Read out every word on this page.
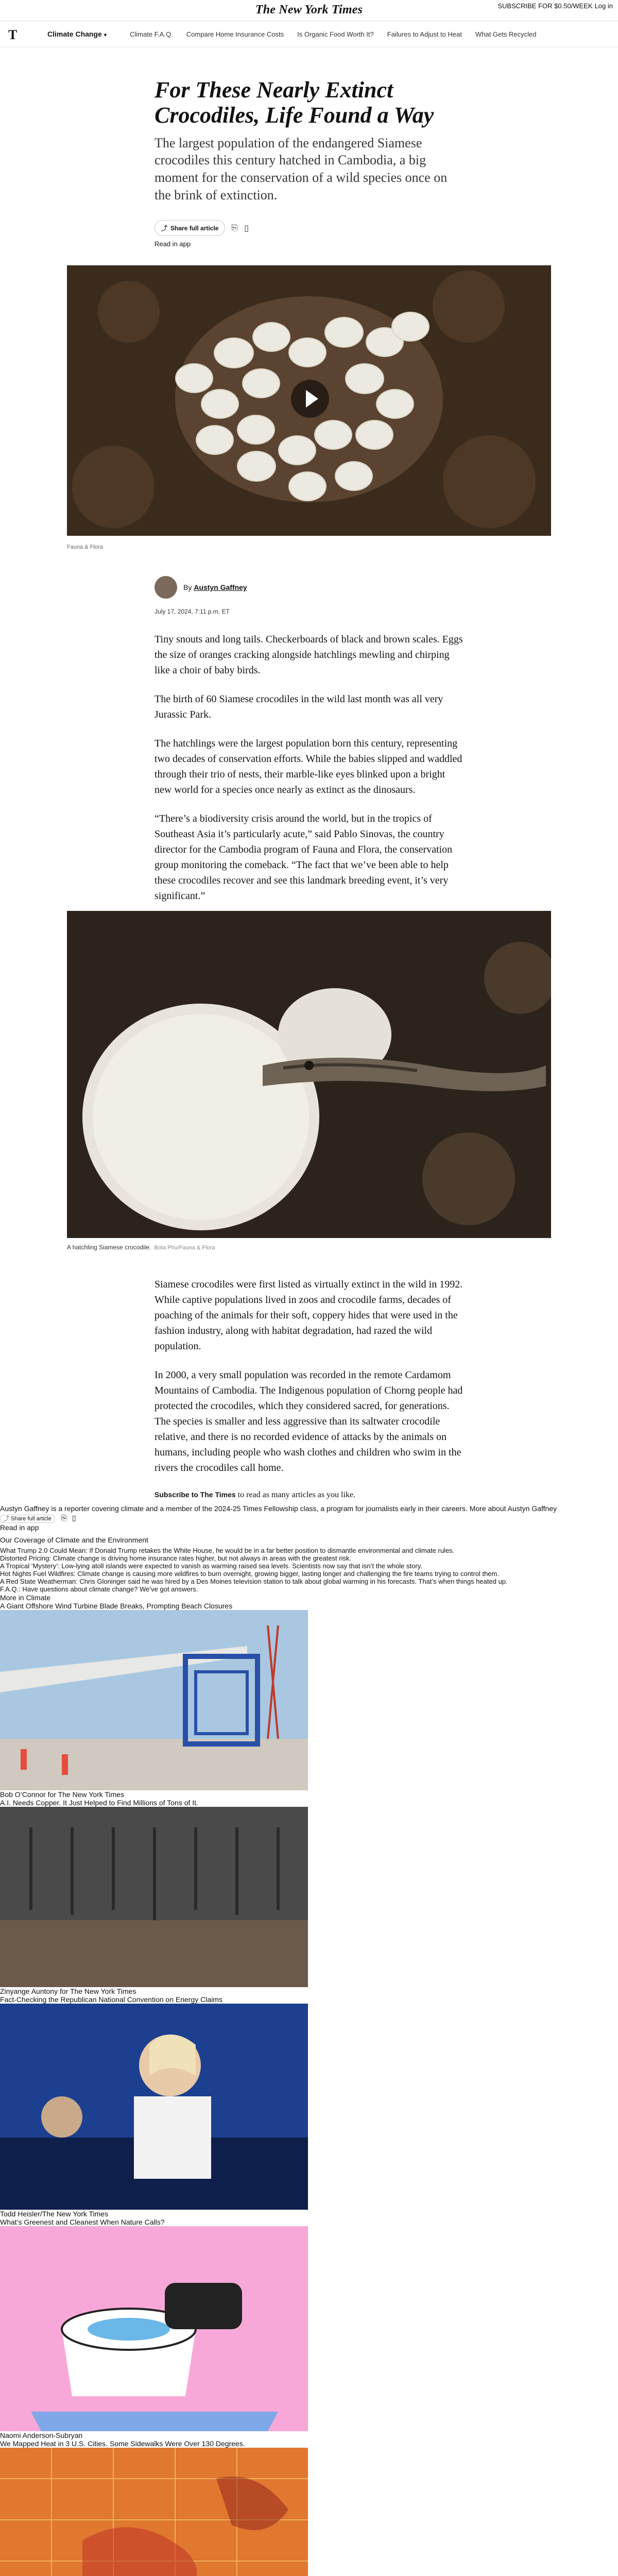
The New York Times	SUBSCRIBE FOR $0.50/WEEK Log in
T	Climate Change ▾	Climate F.A.Q. Compare Home Insurance Costs Is Organic Food Worth It? Failures to Adjust to Heat What Gets Recycled
For These Nearly Extinct Crocodiles, Life Found a Way

The largest population of the endangered Siamese crocodiles this century hatched in Cambodia, a big moment for the conservation of a wild species once on the brink of extinction.

⤴ Share full article ⎘ ▯
Read in app
Fauna & Flora
By Austyn Gaffney
July 17, 2024, 7:11 p.m. ET

Tiny snouts and long tails. Checkerboards of black and brown scales. Eggs the size of oranges cracking alongside hatchlings mewling and chirping like a choir of baby birds.

The birth of 60 Siamese crocodiles in the wild last month was all very Jurassic Park.

The hatchlings were the largest population born this century, representing two decades of conservation efforts. While the babies slipped and waddled through their trio of nests, their marble-like eyes blinked upon a bright new world for a species once nearly as extinct as the dinosaurs.

“There’s a biodiversity crisis around the world, but in the tropics of Southeast Asia it’s particularly acute,” said Pablo Sinovas, the country director for the Cambodia program of Fauna and Flora, the conservation group monitoring the comeback. “The fact that we’ve been able to help these crocodiles recover and see this landmark breeding event, it’s very significant.”

A hatchling Siamese crocodile. Bota Phu/Fauna & Flora

Siamese crocodiles were first listed as virtually extinct in the wild in 1992. While captive populations lived in zoos and crocodile farms, decades of poaching of the animals for their soft, coppery hides that were used in the fashion industry, along with habitat degradation, had razed the wild population.

In 2000, a very small population was recorded in the remote Cardamom Mountains of Cambodia. The Indigenous population of Chorng people had protected the crocodiles, which they considered sacred, for generations. The species is smaller and less aggressive than its saltwater crocodile relative, and there is no recorded evidence of attacks by the animals on humans, including people who wash clothes and children who swim in the rivers the crocodiles call home.

Subscribe to The Times to read as many articles as you like.

Austyn Gaffney is a reporter covering climate and a member of the 2024-25 Times Fellowship class, a program for journalists early in their careers. More about Austyn Gaffney
⤴ Share full article ⎘ ▯
Read in app
Our Coverage of Climate and the Environment
What Trump 2.0 Could Mean: If Donald Trump retakes the White House, he would be in a far better position to dismantle environmental and climate rules.
Distorted Pricing: Climate change is driving home insurance rates higher, but not always in areas with the greatest risk.
A Tropical ‘Mystery’: Low-lying atoll islands were expected to vanish as warming raised sea levels. Scientists now say that isn’t the whole story.
Hot Nights Fuel Wildfires: Climate change is causing more wildfires to burn overnight, growing bigger, lasting longer and challenging the fire teams trying to control them.
A Red State Weatherman: Chris Gloninger said he was hired by a Des Moines television station to talk about global warming in his forecasts. That’s when things heated up.
F.A.Q.: Have questions about climate change? We’ve got answers.
More in Climate
A Giant Offshore Wind Turbine Blade Breaks, Prompting Beach Closures
Bob O’Connor for The New York Times
A.I. Needs Copper. It Just Helped to Find Millions of Tons of It.
Zinyange Auntony for The New York Times
Fact-Checking the Republican National Convention on Energy Claims
Todd Heisler/The New York Times
What’s Greenest and Cleanest When Nature Calls?
Naomi Anderson-Subryan
We Mapped Heat in 3 U.S. Cities. Some Sidewalks Were Over 130 Degrees.
